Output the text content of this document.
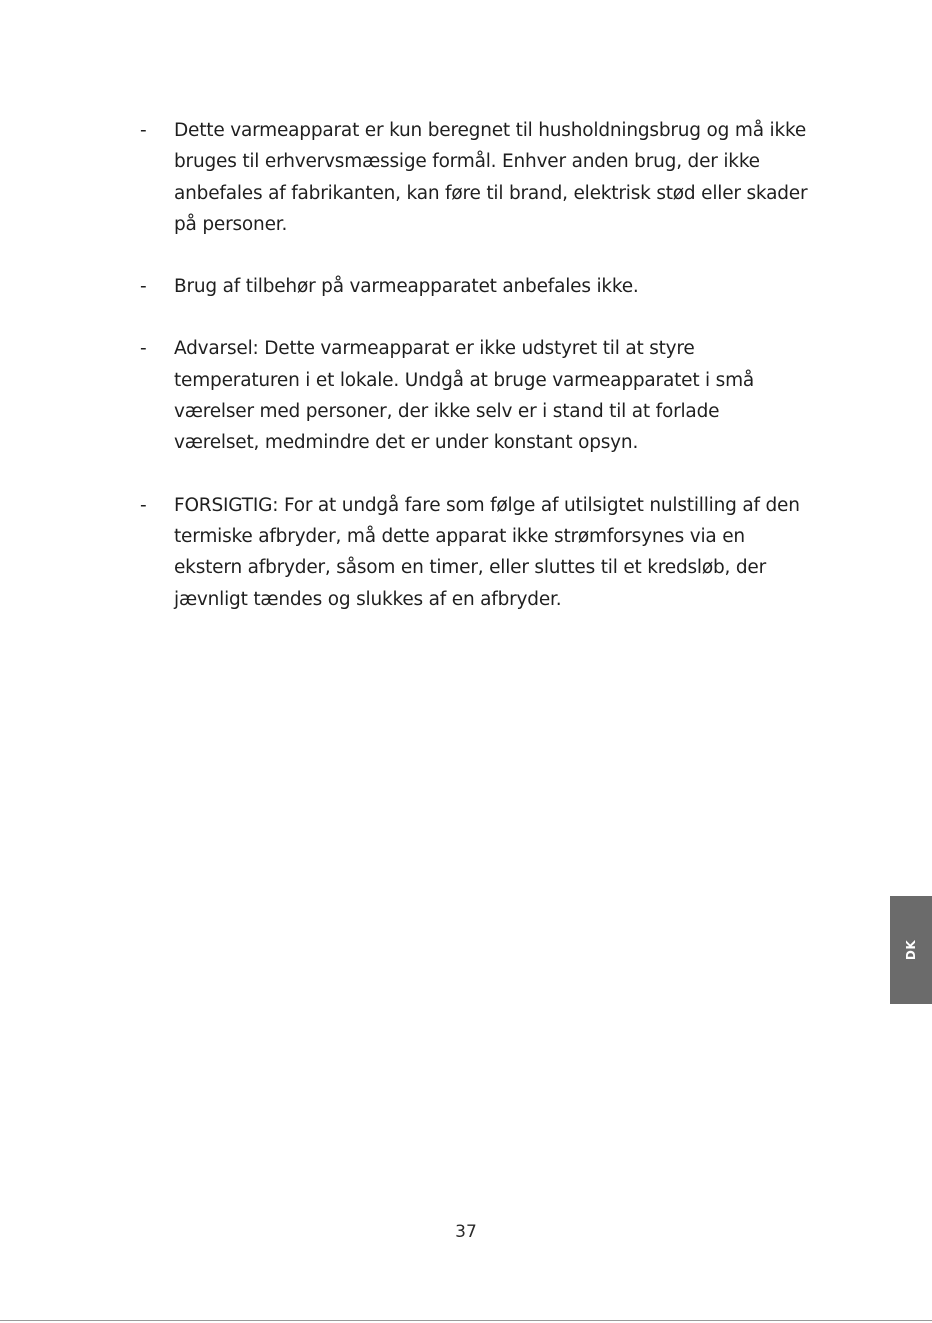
- Dette varmeapparat er kun beregnet til husholdningsbrug og må ikke bruges til erhvervsmæssige formål. Enhver anden brug, der ikke anbefales af fabrikanten, kan føre til brand, elektrisk stød eller skader på personer.
- Brug af tilbehør på varmeapparatet anbefales ikke.
- Advarsel: Dette varmeapparat er ikke udstyret til at styre temperaturen i et lokale. Undgå at bruge varmeapparatet i små værelser med personer, der ikke selv er i stand til at forlade værelset, medmindre det er under konstant opsyn.
- FORSIGTIG: For at undgå fare som følge af utilsigtet nulstilling af den termiske afbryder, må dette apparat ikke strømforsynes via en ekstern afbryder, såsom en timer, eller sluttes til et kredsløb, der jævnligt tændes og slukkes af en afbryder.
DK
37
